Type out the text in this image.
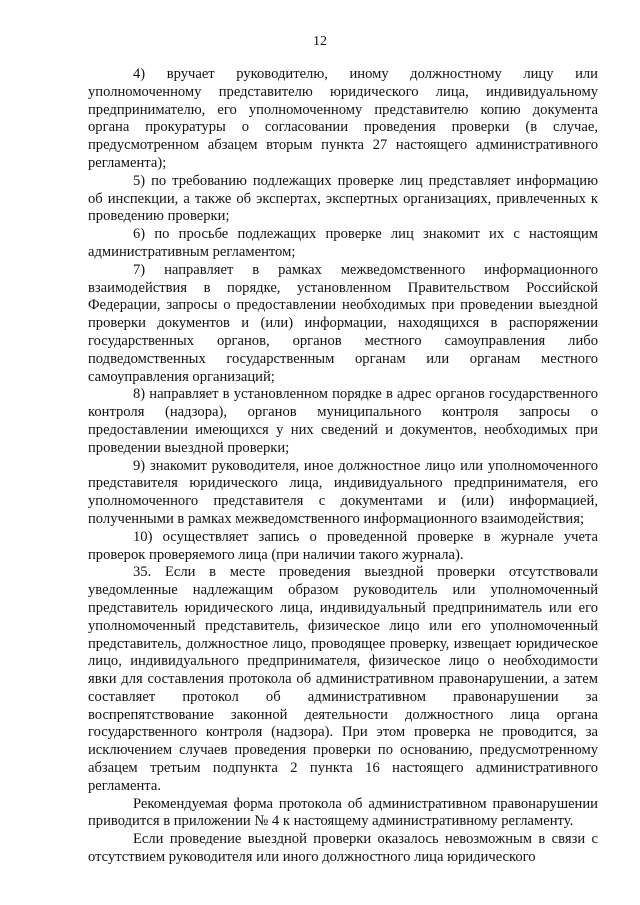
12

4) вручает руководителю, иному должностному лицу или уполномоченному представителю юридического лица, индивидуальному предпринимателю, его уполномоченному представителю копию документа органа прокуратуры о согласовании проведения проверки (в случае, предусмотренном абзацем вторым пункта 27 настоящего административного регламента);

5) по требованию подлежащих проверке лиц представляет информацию об инспекции, а также об экспертах, экспертных организациях, привлеченных к проведению проверки;

6) по просьбе подлежащих проверке лиц знакомит их с настоящим административным регламентом;

7) направляет в рамках межведомственного информационного взаимодействия в порядке, установленном Правительством Российской Федерации, запросы о предоставлении необходимых при проведении выездной проверки документов и (или) информации, находящихся в распоряжении государственных органов, органов местного самоуправления либо подведомственных государственным органам или органам местного самоуправления организаций;

8) направляет в установленном порядке в адрес органов государственного контроля (надзора), органов муниципального контроля запросы о предоставлении имеющихся у них сведений и документов, необходимых при проведении выездной проверки;

9) знакомит руководителя, иное должностное лицо или уполномоченного представителя юридического лица, индивидуального предпринимателя, его уполномоченного представителя с документами и (или) информацией, полученными в рамках межведомственного информационного взаимодействия;

10) осуществляет запись о проведенной проверке в журнале учета проверок проверяемого лица (при наличии такого журнала).

35. Если в месте проведения выездной проверки отсутствовали уведомленные надлежащим образом руководитель или уполномоченный представитель юридического лица, индивидуальный предприниматель или его уполномоченный представитель, физическое лицо или его уполномоченный представитель, должностное лицо, проводящее проверку, извещает юридическое лицо, индивидуального предпринимателя, физическое лицо о необходимости явки для составления протокола об административном правонарушении, а затем составляет протокол об административном правонарушении за воспрепятствование законной деятельности должностного лица органа государственного контроля (надзора). При этом проверка не проводится, за исключением случаев проведения проверки по основанию, предусмотренному абзацем третьим подпункта 2 пункта 16 настоящего административного регламента.

Рекомендуемая форма протокола об административном правонарушении приводится в приложении № 4 к настоящему административному регламенту.

Если проведение выездной проверки оказалось невозможным в связи с отсутствием руководителя или иного должностного лица юридического
